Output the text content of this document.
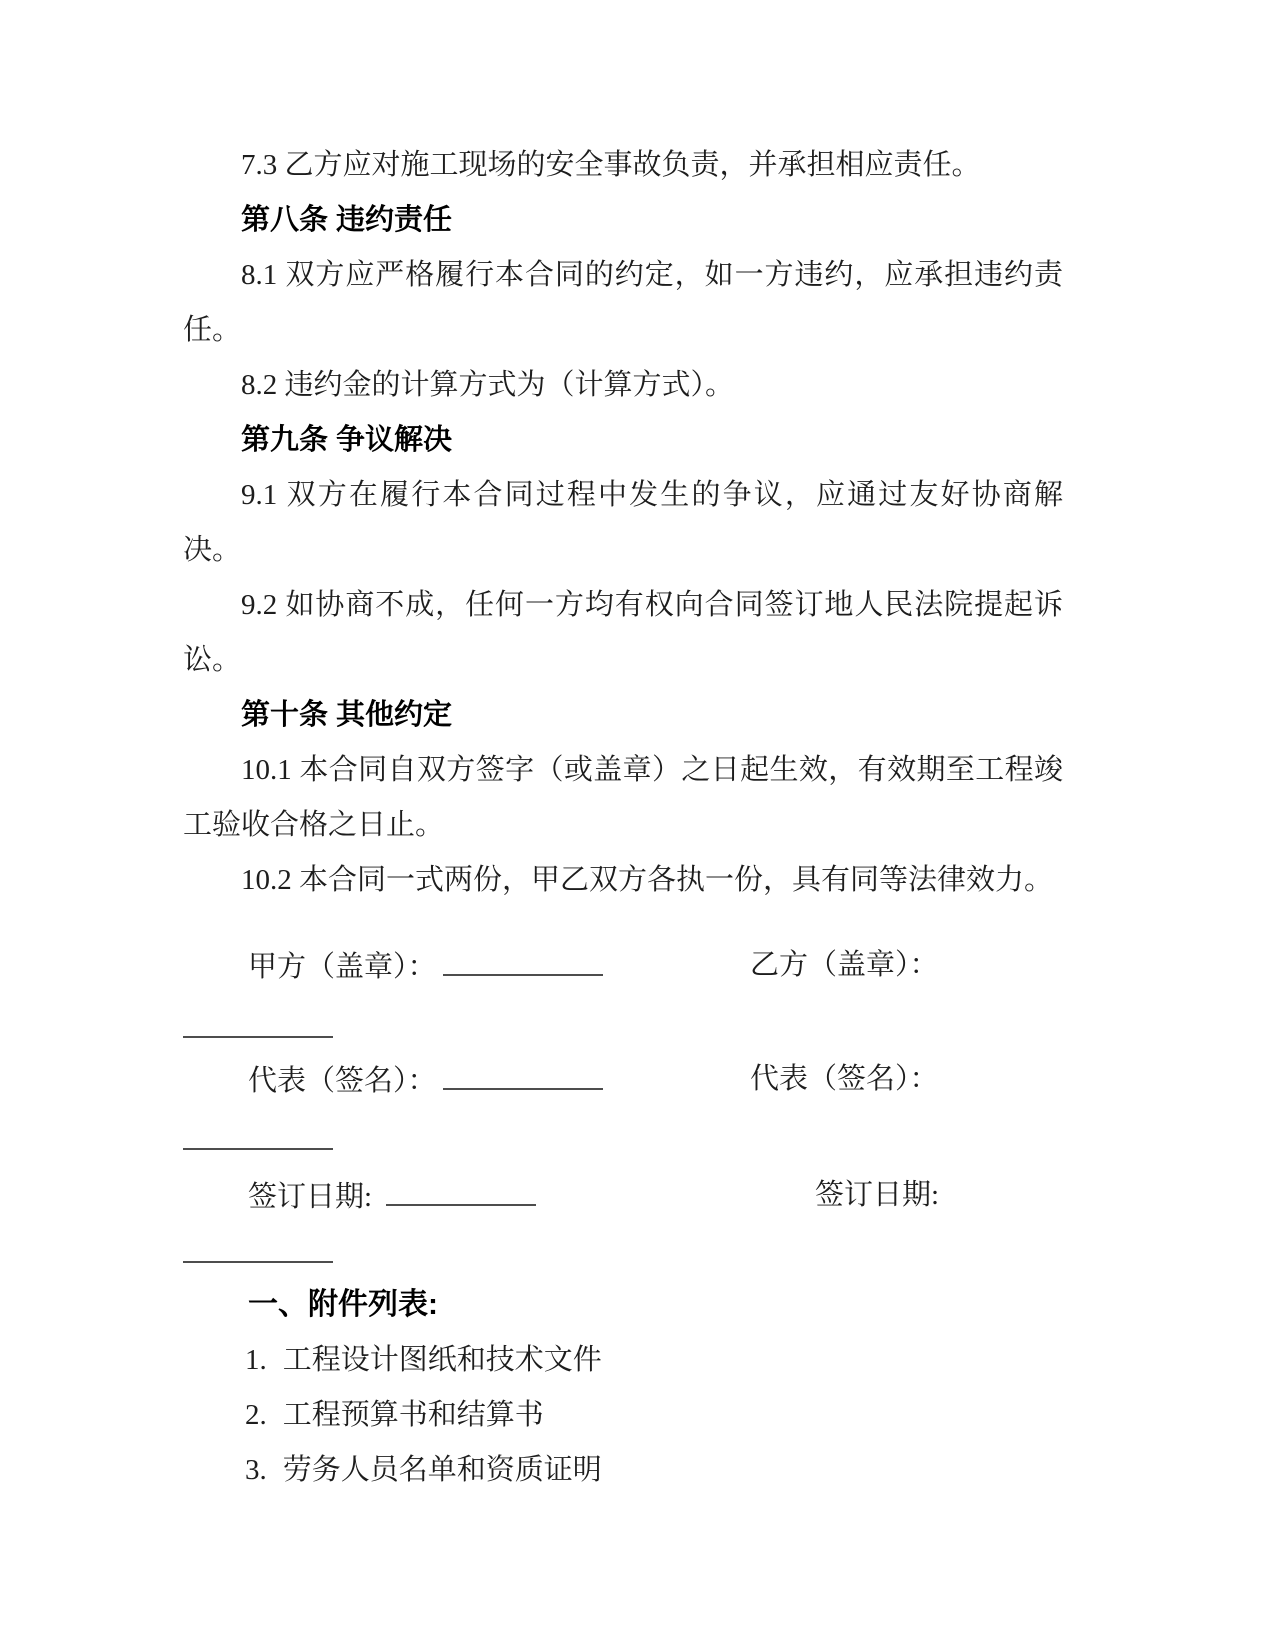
7.3 乙方应对施工现场的安全事故负责，并承担相应责任。

第八条 违约责任

8.1 双方应严格履行本合同的约定，如一方违约，应承担违约责任。

8.2 违约金的计算方式为（计算方式）。

第九条 争议解决

9.1 双方在履行本合同过程中发生的争议，应通过友好协商解决。

9.2 如协商不成，任何一方均有权向合同签订地人民法院提起诉讼。

第十条 其他约定

10.1 本合同自双方签字（或盖章）之日起生效，有效期至工程竣工验收合格之日止。

10.2 本合同一式两份，甲乙双方各执一份，具有同等法律效力。

甲方（盖章）：	乙方（盖章）：
代表（签名）：	代表（签名）：
签订日期:	签订日期:
一、附件列表:
1. 工程设计图纸和技术文件
2. 工程预算书和结算书
3. 劳务人员名单和资质证明
